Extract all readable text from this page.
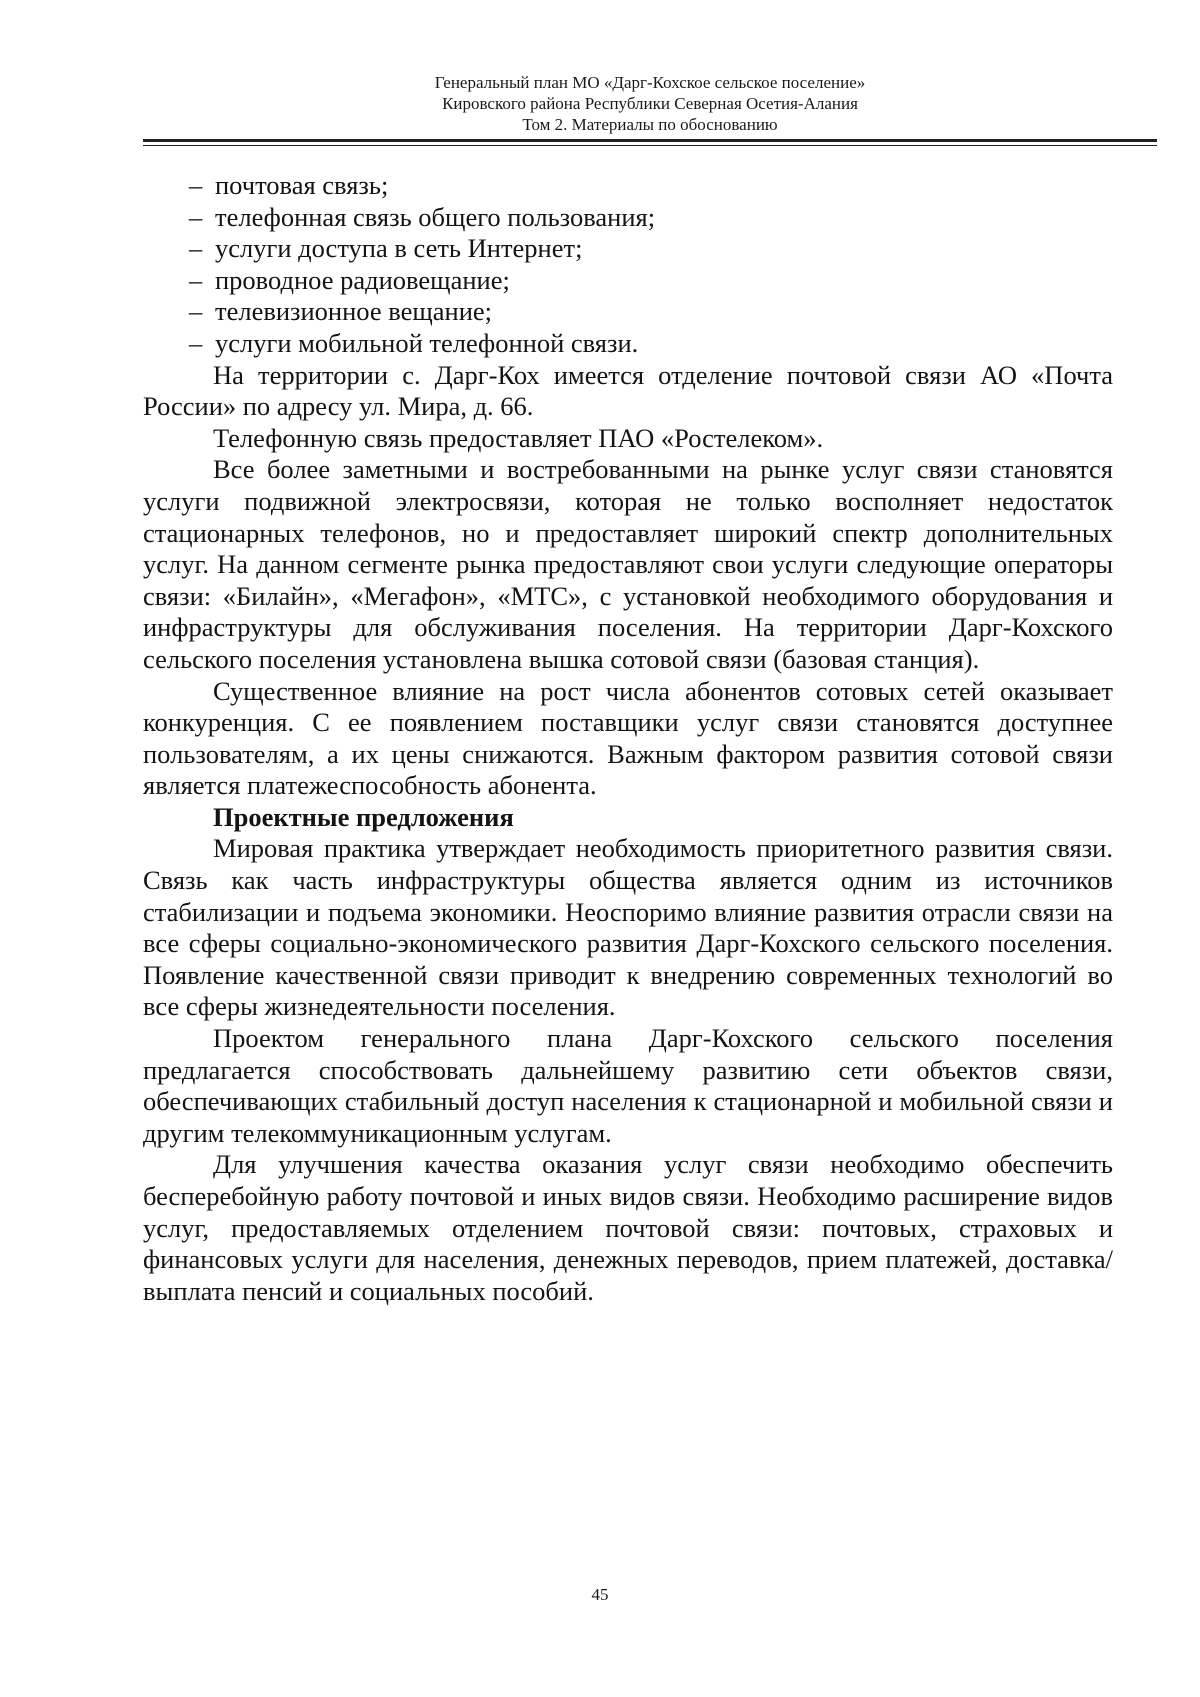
Генеральный план МО «Дарг-Кохское сельское поселение»
Кировского района Республики Северная Осетия-Алания
Том 2. Материалы по обоснованию

– почтовая связь;

– телефонная связь общего пользования;

– услуги доступа в сеть Интернет;

– проводное радиовещание;

– телевизионное вещание;

– услуги мобильной телефонной связи.

На территории с. Дарг-Кох имеется отделение почтовой связи АО «Почта России» по адресу ул. Мира, д. 66.

Телефонную связь предоставляет ПАО «Ростелеком».

Все более заметными и востребованными на рынке услуг связи становятся услуги подвижной электросвязи, которая не только восполняет недостаток стационарных телефонов, но и предоставляет широкий спектр дополнительных услуг. На данном сегменте рынка предоставляют свои услуги следующие операторы связи: «Билайн», «Мегафон», «МТС», с установкой необходимого оборудования и инфраструктуры для обслуживания поселения. На территории Дарг-Кохского сельского поселения установлена вышка сотовой связи (базовая станция).

Существенное влияние на рост числа абонентов сотовых сетей оказывает конкуренция. С ее появлением поставщики услуг связи становятся доступнее пользователям, а их цены снижаются. Важным фактором развития сотовой связи является платежеспособность абонента.

Проектные предложения

Мировая практика утверждает необходимость приоритетного развития связи. Связь как часть инфраструктуры общества является одним из источников стабилизации и подъема экономики. Неоспоримо влияние развития отрасли связи на все сферы социально-экономического развития Дарг-Кохского сельского поселения. Появление качественной связи приводит к внедрению современных технологий во все сферы жизнедеятельности поселения.

Проектом генерального плана Дарг-Кохского сельского поселения предлагается способствовать дальнейшему развитию сети объектов связи, обеспечивающих стабильный доступ населения к стационарной и мобильной связи и другим телекоммуникационным услугам.

Для улучшения качества оказания услуг связи необходимо обеспечить бесперебойную работу почтовой и иных видов связи. Необходимо расширение видов услуг, предоставляемых отделением почтовой связи: почтовых, страховых и финансовых услуги для населения, денежных переводов, прием платежей, доставка/выплата пенсий и социальных пособий.

45
